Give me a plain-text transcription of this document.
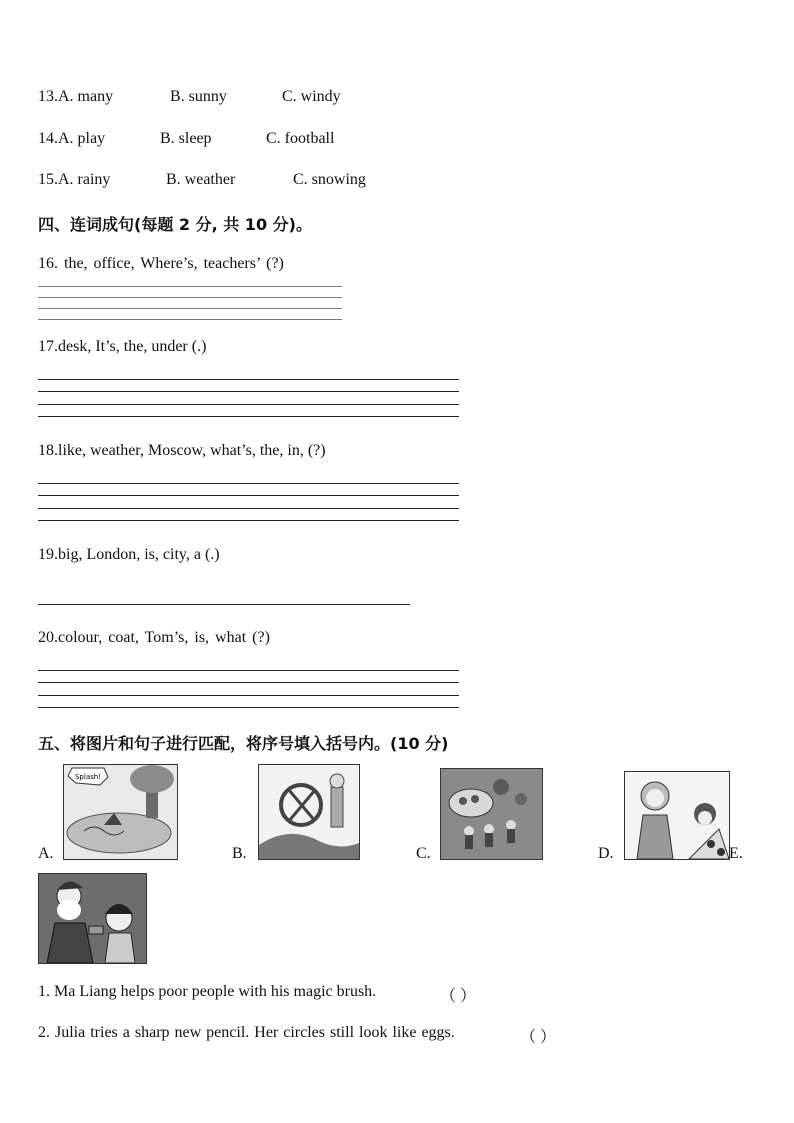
13.A. many	B. sunny	C. windy
14.A. play	B. sleep	C. football
15.A. rainy	B. weather	C. snowing
四、连词成句(每题 2 分, 共 10 分)。
16. the, office, Where’s, teachers’ (?)
17.desk, It’s, the, under (.)
18.like, weather, Moscow, what’s, the, in, (?)
19.big, London, is, city, a (.)
20.colour, coat, Tom’s, is, what (?)
五、将图片和句子进行匹配，将序号填入括号内。(10 分)
A.
Splash!
B.	C.	D.	E.
1. Ma Liang helps poor people with his magic brush.	（ ）
2. Julia tries a sharp new pencil. Her circles still look like eggs.	（ ）
